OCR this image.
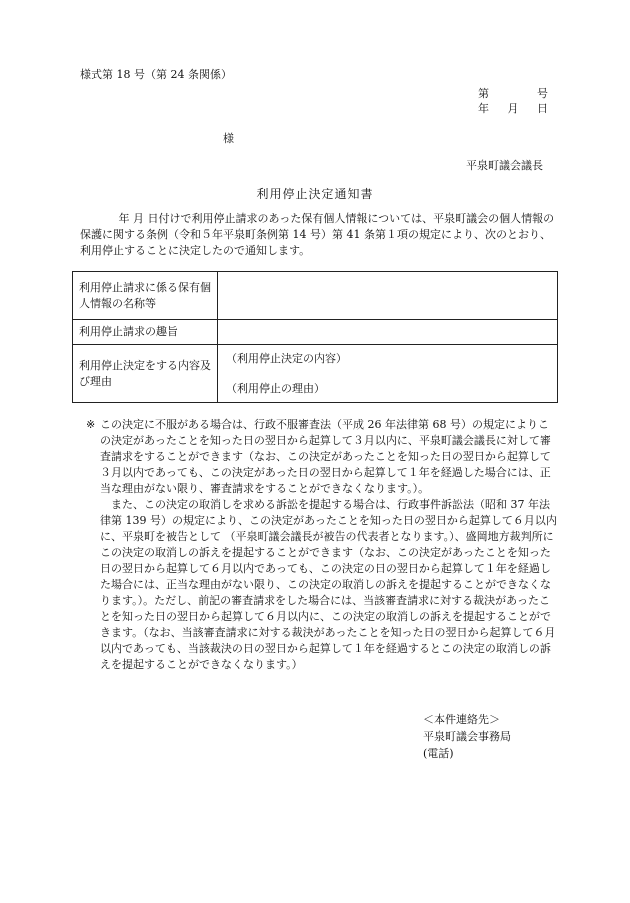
様式第 18 号（第 24 条関係）
第	号
年 月 日
様
平泉町議会議長
利用停止決定通知書

年 月 日付けで利用停止請求のあった保有個人情報については、平泉町議会の個人情報の保護に関する条例（令和５年平泉町条例第 14 号）第 41 条第１項の規定により、次のとおり、利用停止することに決定したので通知します。

利用停止請求に係る保有個人情報の名称等	
利用停止請求の趣旨	
利用停止決定をする内容及び理由	（利用停止決定の内容）
（利用停止の理由）

※ この決定に不服がある場合は、行政不服審査法（平成 26 年法律第 68 号）の規定によりこの決定があったことを知った日の翌日から起算して３月以内に、平泉町議会議長に対して審査請求をすることができます（なお、この決定があったことを知った日の翌日から起算して３月以内であっても、この決定があった日の翌日から起算して１年を経過した場合には、正当な理由がない限り、審査請求をすることができなくなります。）。

また、この決定の取消しを求める訴訟を提起する場合は、行政事件訴訟法（昭和 37 年法律第 139 号）の規定により、この決定があったことを知った日の翌日から起算して６月以内に、平泉町を被告として （平泉町議会議長が被告の代表者となります。）、盛岡地方裁判所にこの決定の取消しの訴えを提起することができます（なお、この決定があったことを知った日の翌日から起算して６月以内であっても、この決定の日の翌日から起算して１年を経過した場合には、正当な理由がない限り、この決定の取消しの訴えを提起することができなくなります。）。ただし、前記の審査請求をした場合には、当該審査請求に対する裁決があったことを知った日の翌日から起算して６月以内に、この決定の取消しの訴えを提起することができます。（なお、当該審査請求に対する裁決があったことを知った日の翌日から起算して６月以内であっても、当該裁決の日の翌日から起算して１年を経過するとこの決定の取消しの訴えを提起することができなくなります。）

＜本件連絡先＞
平泉町議会事務局
(電話)
